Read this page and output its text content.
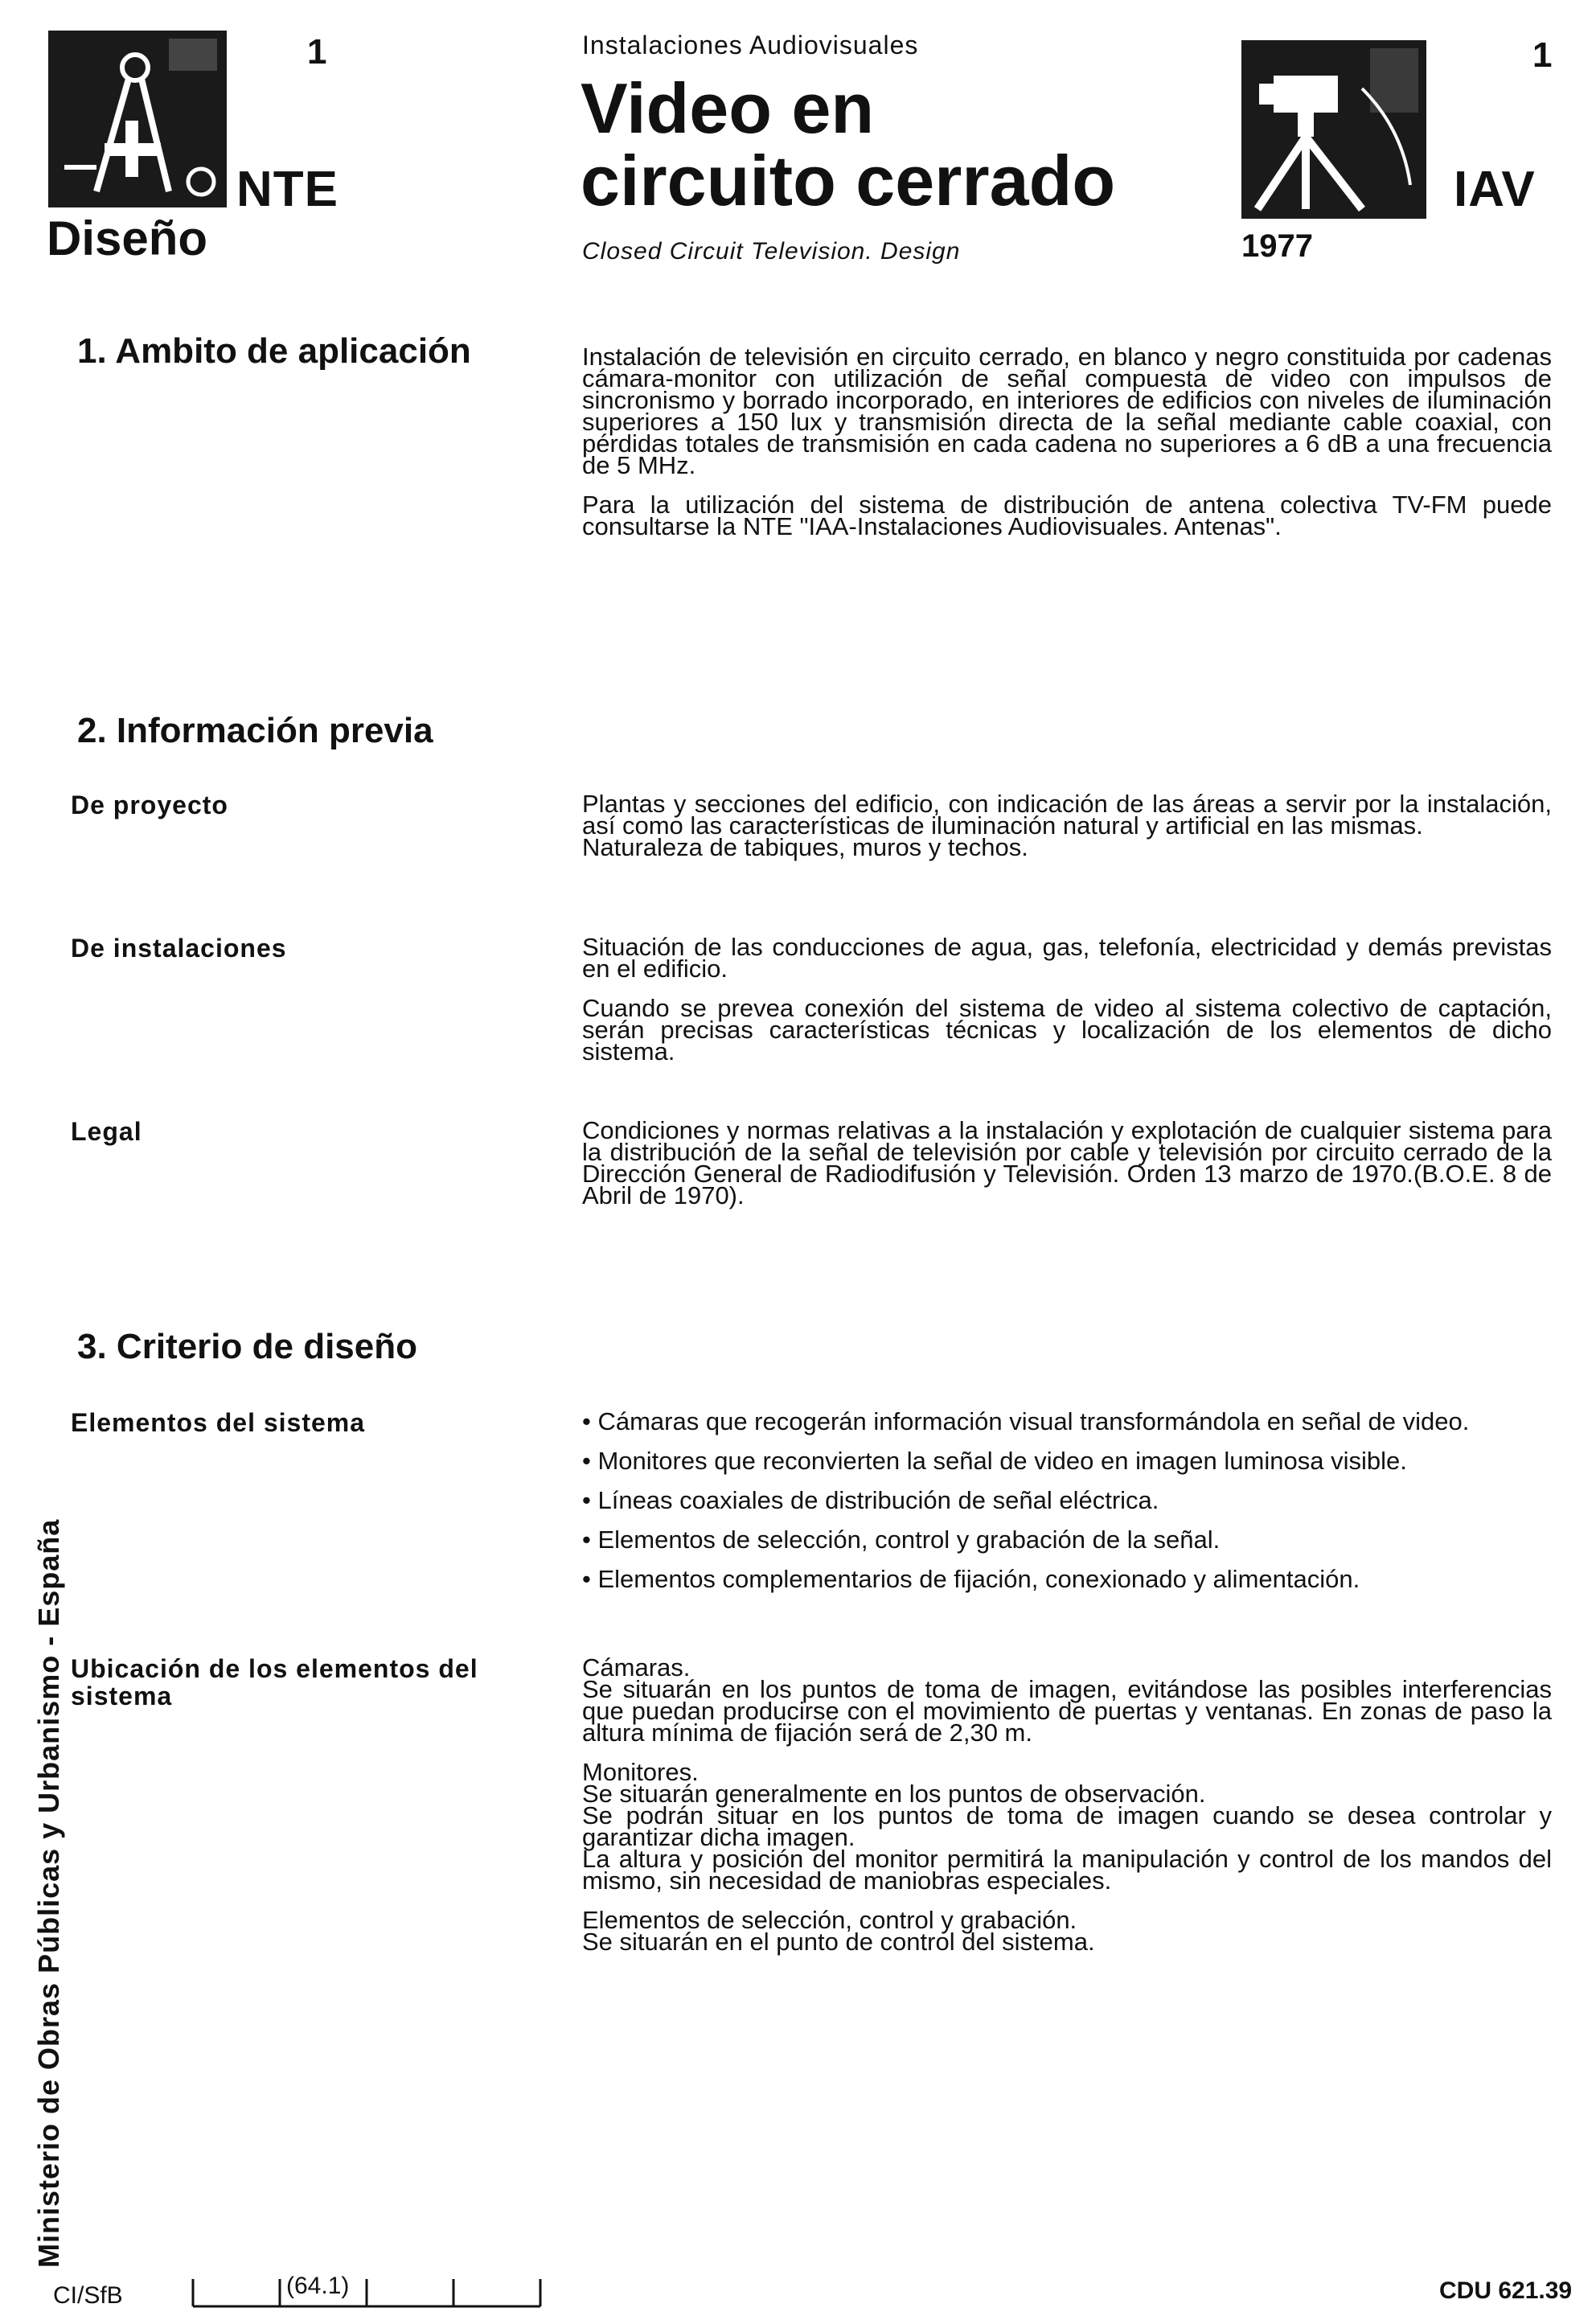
1
NTE
Diseño
Instalaciones Audiovisuales
Video en
circuito cerrado
Closed Circuit Television. Design
1
IAV
1977
1. Ambito de aplicación	Instalación de televisión en circuito cerrado, en blanco y negro constituida por cadenas cámara-monitor con utilización de señal compuesta de video con impulsos de sincronismo y borrado incorporado, en interiores de edificios con niveles de iluminación superiores a 150 lux y transmisión directa de la señal mediante cable coaxial, con pérdidas totales de transmisión en cada cadena no superiores a 6 dB a una frecuencia de 5 MHz.

Para la utilización del sistema de distribución de antena colectiva TV-FM puede consultarse la NTE "IAA-Instalaciones Audiovisuales. Antenas".

2. Información previa
De proyecto	Plantas y secciones del edificio, con indicación de las áreas a servir por la instalación, así como las características de iluminación natural y artificial en las mismas.

Naturaleza de tabiques, muros y techos.

De instalaciones	Situación de las conducciones de agua, gas, telefonía, electricidad y demás previstas en el edificio.

Cuando se prevea conexión del sistema de video al sistema colectivo de captación, serán precisas características técnicas y localización de los elementos de dicho sistema.

Legal	Condiciones y normas relativas a la instalación y explotación de cualquier sistema para la distribución de la señal de televisión por cable y televisión por circuito cerrado de la Dirección General de Radiodifusión y Televisión. Orden 13 marzo de 1970.(B.O.E. 8 de Abril de 1970).

3. Criterio de diseño
Elementos del sistema
•	Cámaras que recogerán información visual transformándola en señal de video.
• Monitores que reconvierten la señal de video en imagen luminosa visible.
• Líneas coaxiales de distribución de señal eléctrica.
• Elementos de selección, control y grabación de la señal.
• Elementos complementarios de fijación, conexionado y alimentación.
Ubicación de los elementos del
sistema

Cámaras.
Se situarán en los puntos de toma de imagen, evitándose las posibles interferencias que puedan producirse con el movimiento de puertas y ventanas. En zonas de paso la altura mínima de fijación será de 2,30 m.

Monitores.
Se situarán generalmente en los puntos de observación.
Se podrán situar en los puntos de toma de imagen cuando se desea controlar y garantizar dicha imagen.
La altura y posición del monitor permitirá la manipulación y control de los mandos del mismo, sin necesidad de maniobras especiales.

Elementos de selección, control y grabación.
Se situarán en el punto de control del sistema.

Ministerio de Obras Públicas y Urbanismo - España
CI/SfB	(64.1)	CDU 621.39
